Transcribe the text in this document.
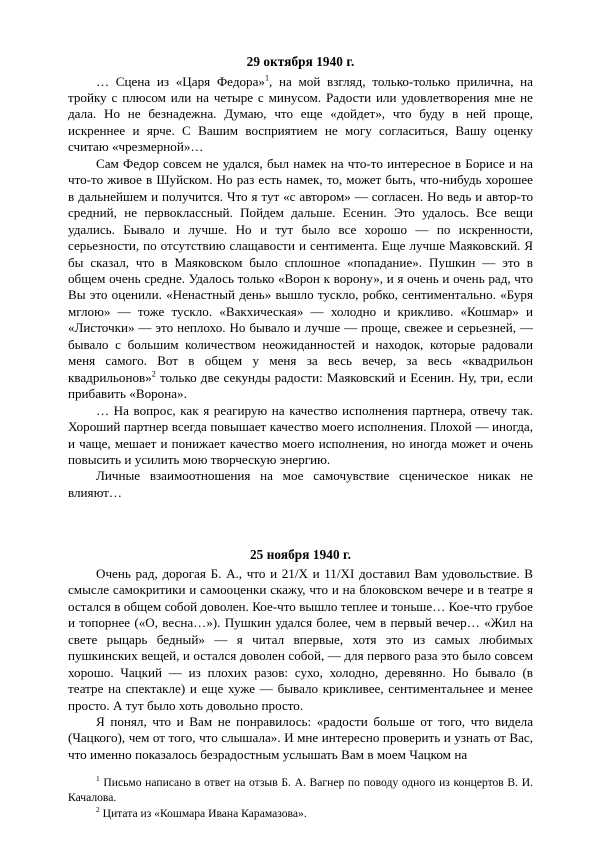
29 октября 1940 г.

… Сцена из «Царя Федора»$^1$, на мой взгляд, только-только прилична, на тройку с плюсом или на четыре с минусом. Радости или удовлетворения мне не дала. Но не безнадежна. Думаю, что еще «дойдет», что буду в ней проще, искреннее и ярче. С Вашим восприятием не могу согласиться, Вашу оценку считаю «чрезмерной»…

Сам Федор совсем не удался, был намек на что-то интересное в Борисе и на что-то живое в Шуйском. Но раз есть намек, то, может быть, что-нибудь хорошее в дальнейшем и получится. Что я тут «с автором» — согласен. Но ведь и автор-то средний, не первоклассный. Пойдем дальше. Есенин. Это удалось. Все вещи удались. Бывало и лучше. Но и тут было все хорошо — по искренности, серьезности, по отсутствию слащавости и сентимента. Еще лучше Маяковский. Я бы сказал, что в Маяковском было сплошное «попадание». Пушкин — это в общем очень средне. Удалось только «Ворон к ворону», и я очень и очень рад, что Вы это оценили. «Ненастный день» вышло тускло, робко, сентиментально. «Буря мглою» — тоже тускло. «Вакхическая» — холодно и крикливо. «Кошмар» и «Листочки» — это неплохо. Но бывало и лучше — проще, свежее и серьезней, — бывало с большим количеством неожиданностей и находок, которые радовали меня самого. Вот в общем у меня за весь вечер, за весь «квадрильон квадрильонов»$^2$ только две секунды радости: Маяковский и Есенин. Ну, три, если прибавить «Ворона».

… На вопрос, как я реагирую на качество исполнения партнера, отвечу так. Хороший партнер всегда повышает качество моего исполнения. Плохой — иногда, и чаще, мешает и понижает качество моего исполнения, но иногда может и очень повысить и усилить мою творческую энергию.

Личные взаимоотношения на мое самочувствие сценическое никак не влияют…

25 ноября 1940 г.

Очень рад, дорогая Б. А., что и 21/X и 11/XI доставил Вам удовольствие. В смысле самокритики и самооценки скажу, что и на блоковском вечере и в театре я остался в общем собой доволен. Кое-что вышло теплее и тоньше… Кое-что грубое и топорнее («О, весна…»). Пушкин удался более, чем в первый вечер… «Жил на свете рыцарь бедный» — я читал впервые, хотя это из самых любимых пушкинских вещей, и остался доволен собой, — для первого раза это было совсем хорошо. Чацкий — из плохих разов: сухо, холодно, деревянно. Но бывало (в театре на спектакле) и еще хуже — бывало крикливее, сентиментальнее и менее просто. А тут было хоть довольно просто.

Я понял, что и Вам не понравилось: «радости больше от того, что видела (Чацкого), чем от того, что слышала». И мне интересно проверить и узнать от Вас, что именно показалось безрадостным услышать Вам в моем Чацком на

$^1$ Письмо написано в ответ на отзыв Б. А. Вагнер по поводу одного из концертов В. И. Качалова.

$^2$ Цитата из «Кошмара Ивана Карамазова».
